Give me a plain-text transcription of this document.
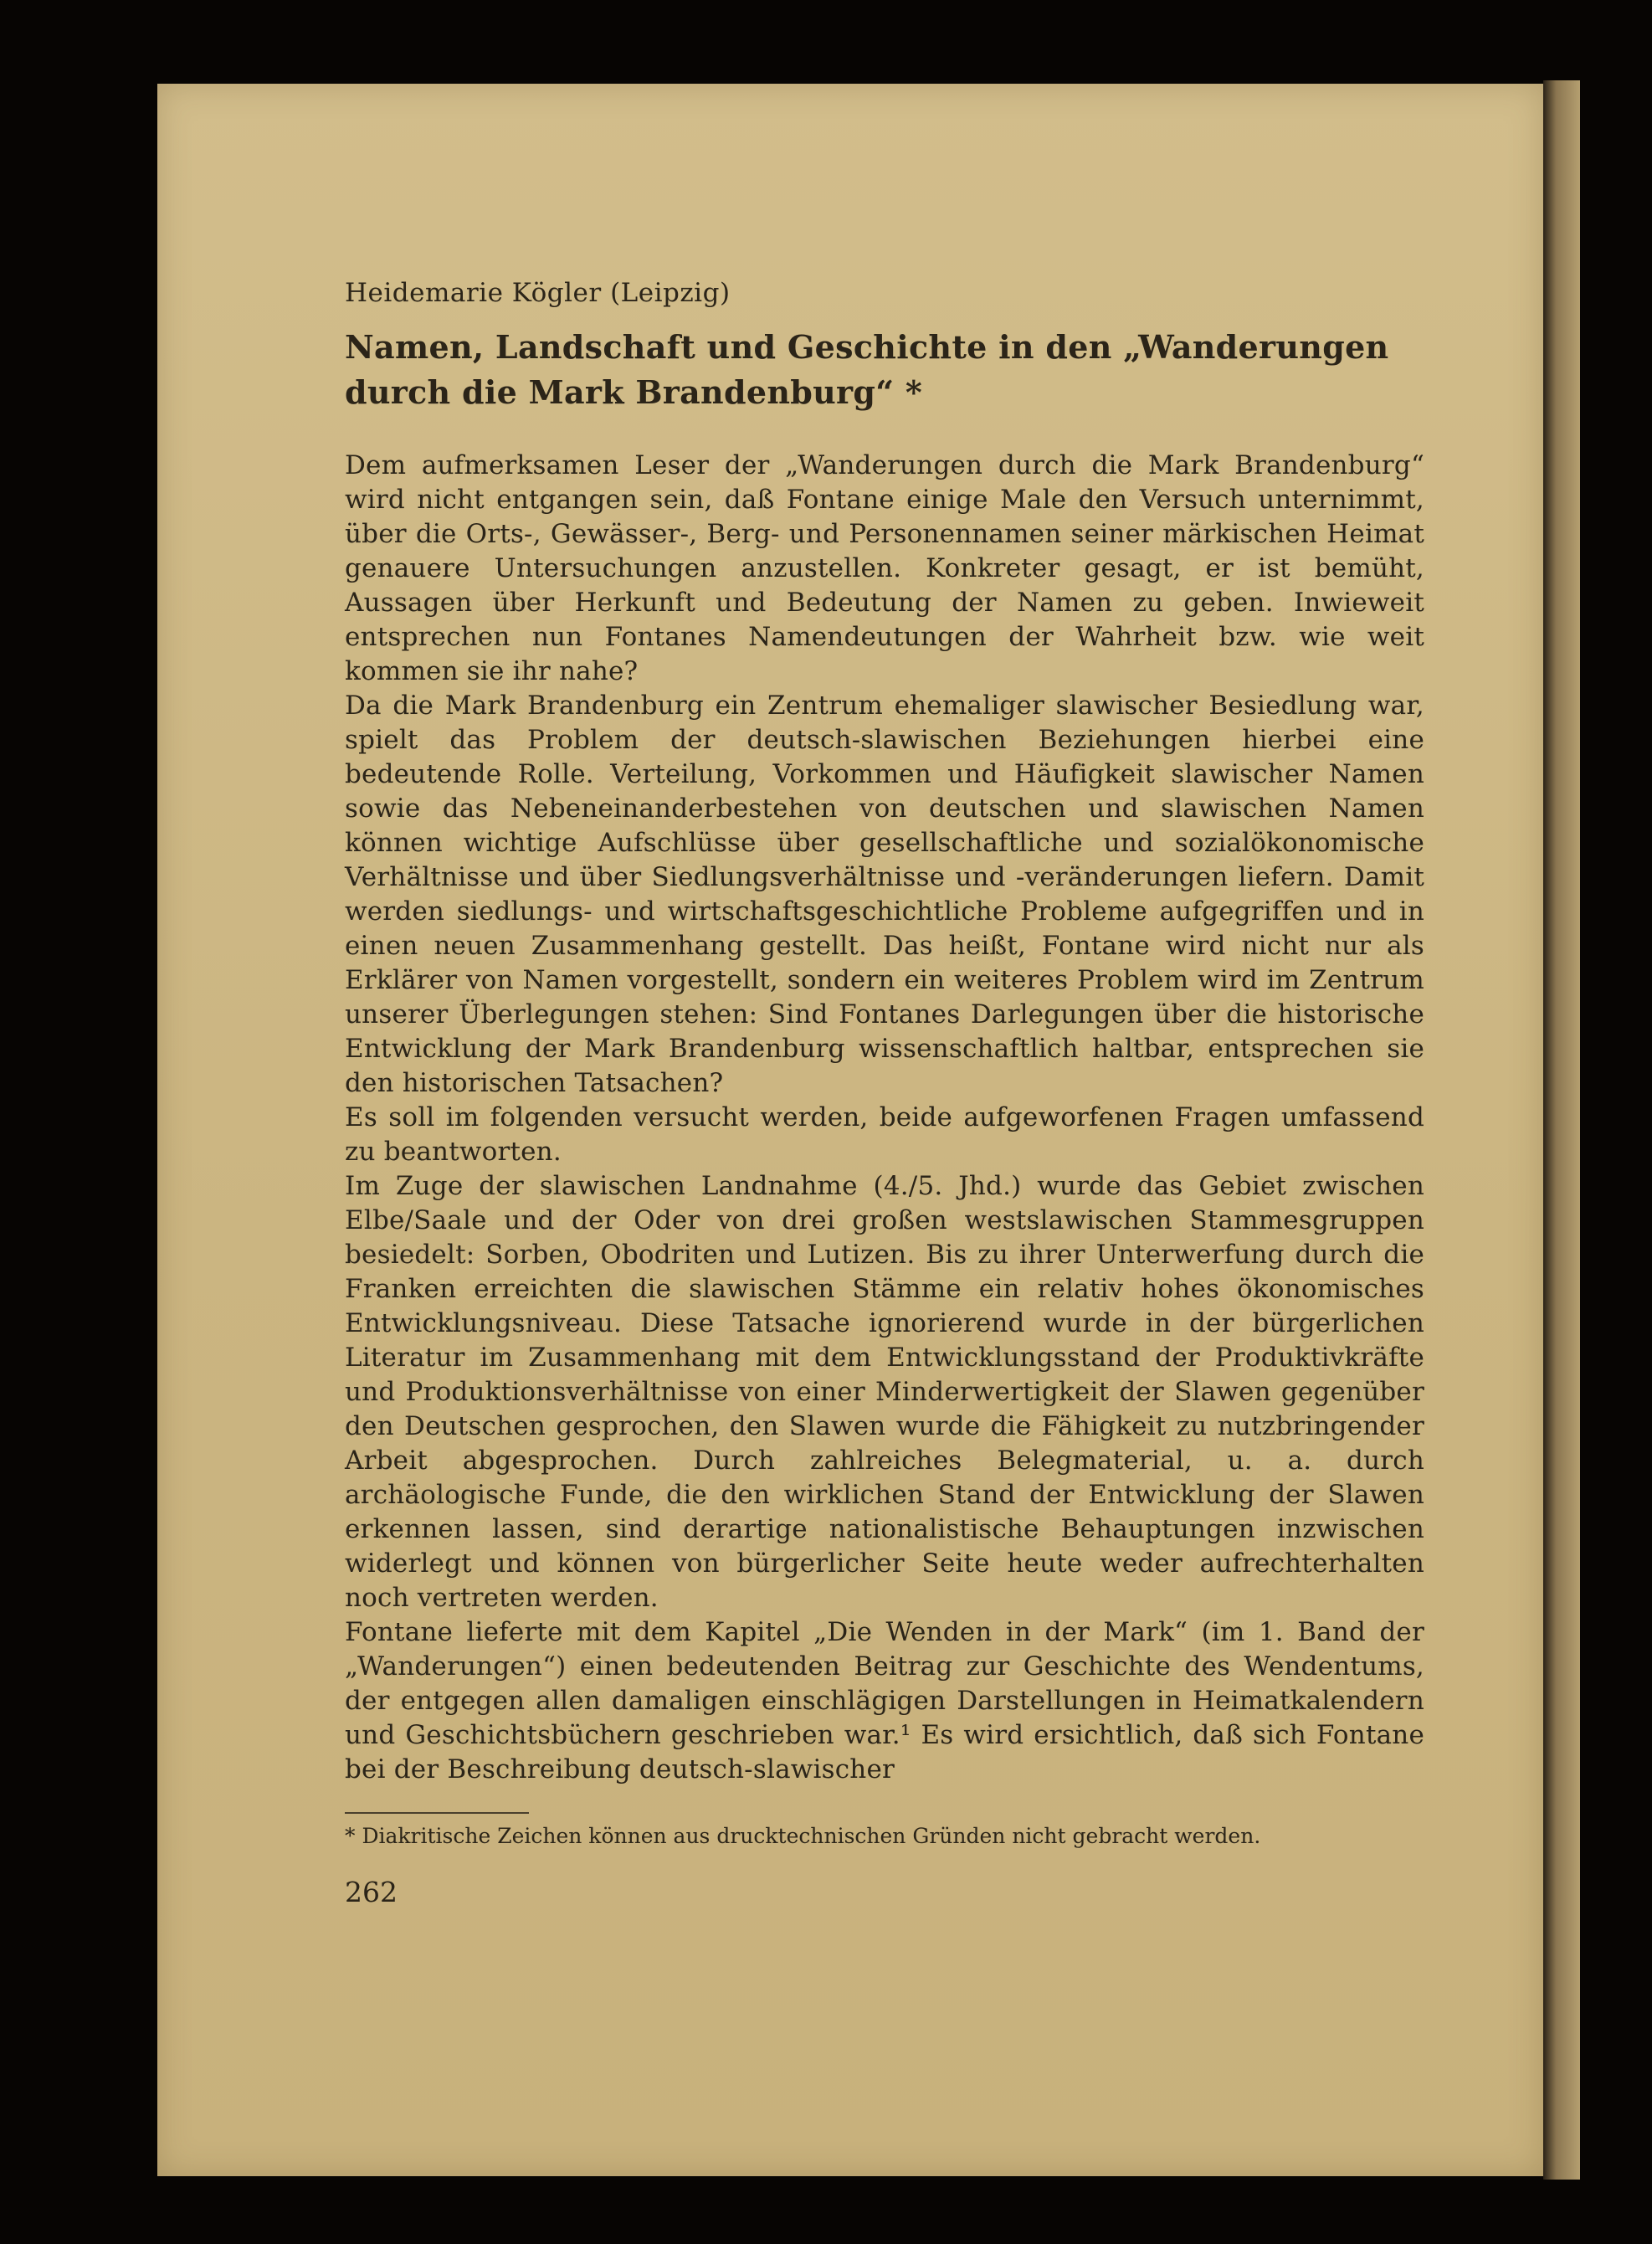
Heidemarie Kögler (Leipzig)
Namen, Landschaft und Geschichte in den „Wanderungen durch die Mark Brandenburg“ *

Dem aufmerksamen Leser der „Wanderungen durch die Mark Brandenburg“ wird nicht entgangen sein, daß Fontane einige Male den Versuch unternimmt, über die Orts-, Gewässer-, Berg- und Personennamen seiner märkischen Heimat genauere Untersuchungen anzustellen. Konkreter gesagt, er ist bemüht, Aussagen über Herkunft und Bedeutung der Namen zu geben. Inwieweit entsprechen nun Fontanes Namendeutungen der Wahrheit bzw. wie weit kommen sie ihr nahe?

Da die Mark Brandenburg ein Zentrum ehemaliger slawischer Besiedlung war, spielt das Problem der deutsch-slawischen Beziehungen hierbei eine bedeutende Rolle. Verteilung, Vorkommen und Häufigkeit slawischer Namen sowie das Nebeneinanderbestehen von deutschen und slawischen Namen können wichtige Aufschlüsse über gesellschaftliche und sozialökonomische Verhältnisse und über Siedlungsverhältnisse und -veränderungen liefern. Damit werden siedlungs- und wirtschaftsgeschichtliche Probleme aufgegriffen und in einen neuen Zusammenhang gestellt. Das heißt, Fontane wird nicht nur als Erklärer von Namen vorgestellt, sondern ein weiteres Problem wird im Zentrum unserer Überlegungen stehen: Sind Fontanes Darlegungen über die historische Entwicklung der Mark Brandenburg wissenschaftlich haltbar, entsprechen sie den historischen Tatsachen?

Es soll im folgenden versucht werden, beide aufgeworfenen Fragen umfassend zu beantworten.

Im Zuge der slawischen Landnahme (4./5. Jhd.) wurde das Gebiet zwischen Elbe/Saale und der Oder von drei großen westslawischen Stammesgruppen besiedelt: Sorben, Obodriten und Lutizen. Bis zu ihrer Unterwerfung durch die Franken erreichten die slawischen Stämme ein relativ hohes ökonomisches Entwicklungsniveau. Diese Tatsache ignorierend wurde in der bürgerlichen Literatur im Zusammenhang mit dem Entwicklungsstand der Produktivkräfte und Produktionsverhältnisse von einer Minderwertigkeit der Slawen gegenüber den Deutschen gesprochen, den Slawen wurde die Fähigkeit zu nutzbringender Arbeit abgesprochen. Durch zahlreiches Belegmaterial, u. a. durch archäologische Funde, die den wirklichen Stand der Entwicklung der Slawen erkennen lassen, sind derartige nationalistische Behauptungen inzwischen widerlegt und können von bürgerlicher Seite heute weder aufrechterhalten noch vertreten werden.

Fontane lieferte mit dem Kapitel „Die Wenden in der Mark“ (im 1. Band der „Wanderungen“) einen bedeutenden Beitrag zur Geschichte des Wendentums, der entgegen allen damaligen einschlägigen Darstellungen in Heimatkalendern und Geschichtsbüchern geschrieben war.¹ Es wird ersichtlich, daß sich Fontane bei der Beschreibung deutsch-slawischer

* Diakritische Zeichen können aus drucktechnischen Gründen nicht gebracht werden.

262
